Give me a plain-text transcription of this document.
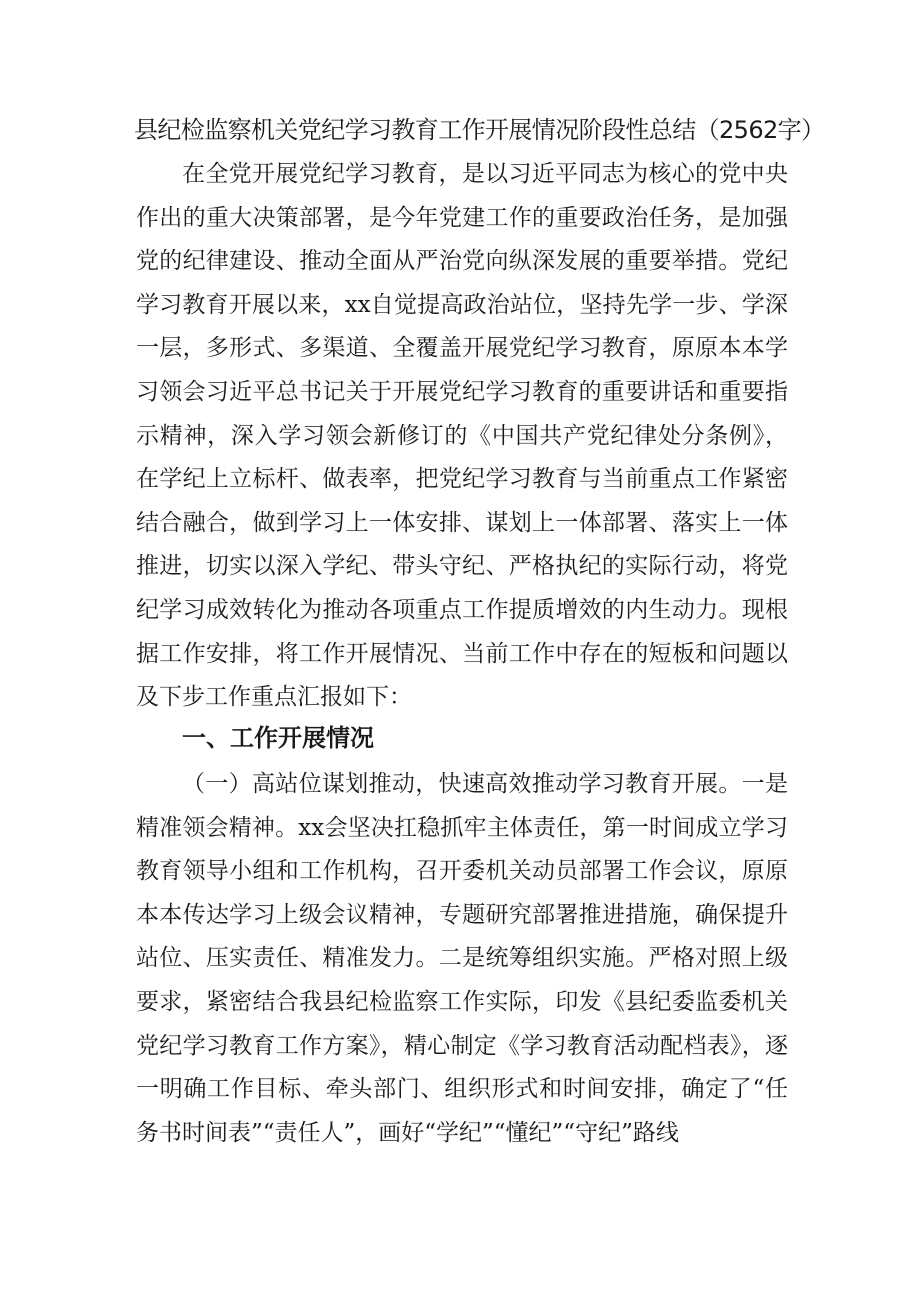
县纪检监察机关党纪学习教育工作开展情况阶段性总结（2562字）

在全党开展党纪学习教育，是以习近平同志为核心的党中央作出的重大决策部署，是今年党建工作的重要政治任务，是加强党的纪律建设、推动全面从严治党向纵深发展的重要举措。党纪学习教育开展以来，xx自觉提高政治站位，坚持先学一步、学深一层，多形式、多渠道、全覆盖开展党纪学习教育，原原本本学习领会习近平总书记关于开展党纪学习教育的重要讲话和重要指示精神，深入学习领会新修订的《中国共产党纪律处分条例》，在学纪上立标杆、做表率，把党纪学习教育与当前重点工作紧密结合融合，做到学习上一体安排、谋划上一体部署、落实上一体推进，切实以深入学纪、带头守纪、严格执纪的实际行动，将党纪学习成效转化为推动各项重点工作提质增效的内生动力。现根据工作安排，将工作开展情况、当前工作中存在的短板和问题以及下步工作重点汇报如下：

一、工作开展情况

（一）高站位谋划推动，快速高效推动学习教育开展。一是精准领会精神。xx会坚决扛稳抓牢主体责任，第一时间成立学习教育领导小组和工作机构，召开委机关动员部署工作会议，原原本本传达学习上级会议精神，专题研究部署推进措施，确保提升站位、压实责任、精准发力。二是统筹组织实施。严格对照上级要求，紧密结合我县纪检监察工作实际，印发《县纪委监委机关党纪学习教育工作方案》，精心制定《学习教育活动配档表》，逐一明确工作目标、牵头部门、组织形式和时间安排，确定了“任务书时间表”“责任人”，画好“学纪”“懂纪”“守纪”路线
